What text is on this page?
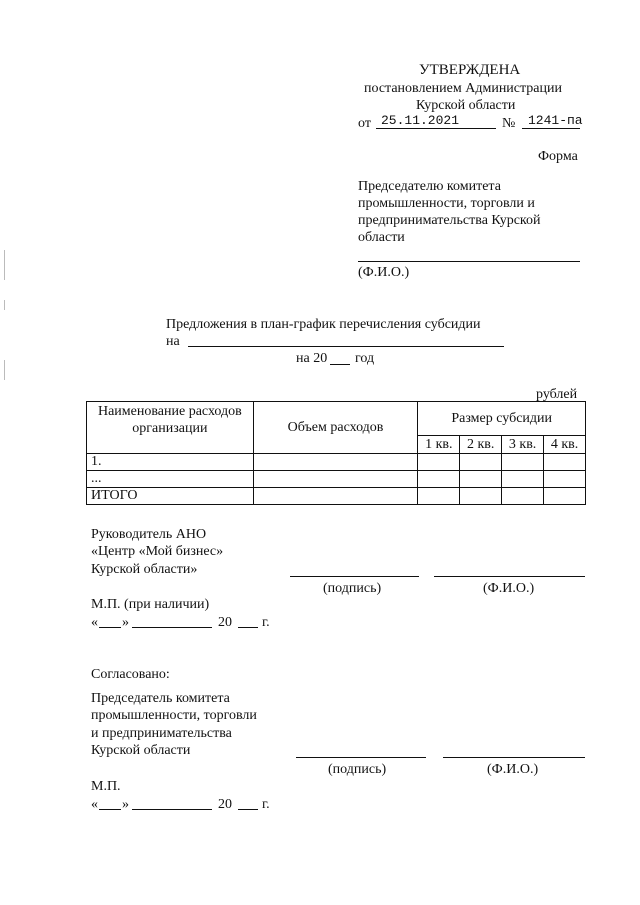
УТВЕРЖДЕНА
постановлением Администрации
Курской области
от 25.11.2021	№ 1241-па
Форма
Председателю комитета
промышленности, торговли и
предпринимательства Курской
области
(Ф.И.О.)
Предложения в план-график перечисления субсидии
на
на 20 год
рублей
Наименование расходов организации	Объем расходов	Размер субсидии			
		1 кв.	2 кв.	3 кв.	4 кв.
1.					
...					
ИТОГО					
Руководитель АНО
«Центр «Мой бизнес»
Курской области»
(подпись)	(Ф.И.О.)
М.П. (при наличии)
« »	20 г.
Согласовано:
Председатель комитета
промышленности, торговли
и предпринимательства
Курской области
(подпись)	(Ф.И.О.)
М.П.
« »	20 г.
